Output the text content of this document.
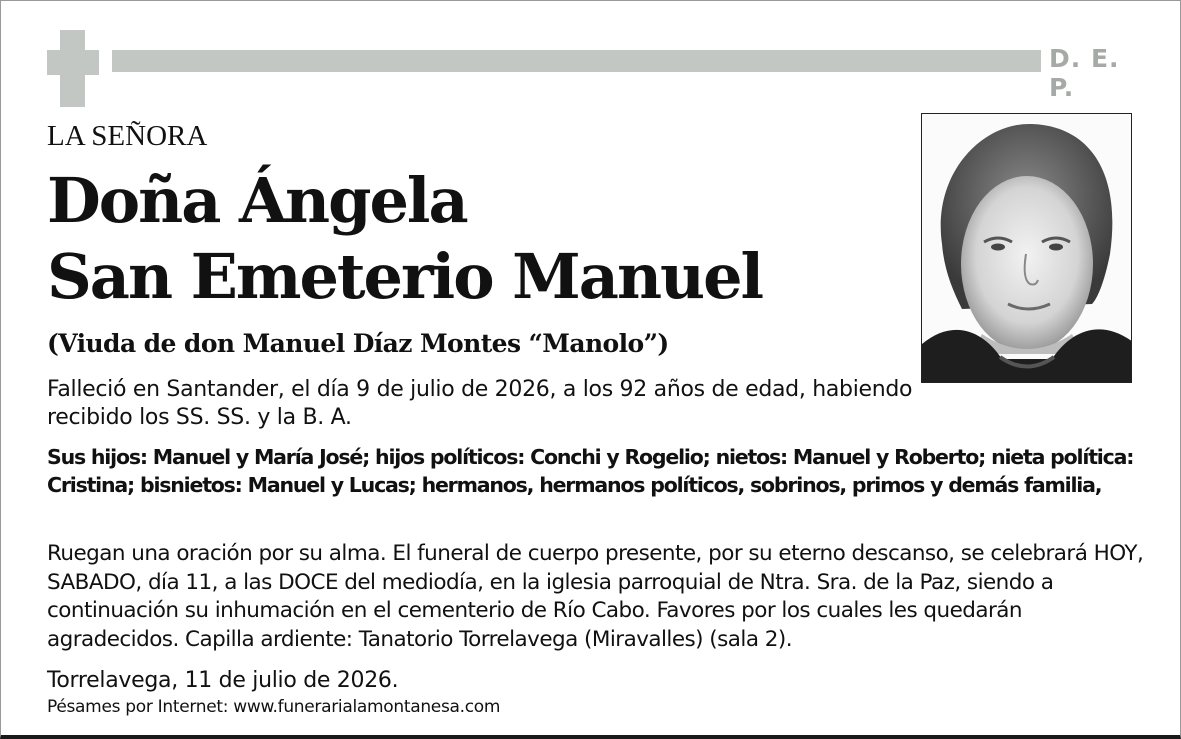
D. E. P.
LA SEÑORA
Doña Ángela
San Emeterio Manuel
(Viuda de don Manuel Díaz Montes “Manolo”)
Falleció en Santander, el día 9 de julio de 2026, a los 92 años de edad, habiendo recibido los SS. SS. y la B. A.
Sus hijos: Manuel y María José; hijos políticos: Conchi y Rogelio; nietos: Manuel y Roberto; nieta política: Cristina; bisnietos: Manuel y Lucas; hermanos, hermanos políticos, sobrinos, primos y demás familia,
Ruegan una oración por su alma. El funeral de cuerpo presente, por su eterno descanso, se celebrará HOY, SABADO, día 11, a las DOCE del mediodía, en la iglesia parroquial de Ntra. Sra. de la Paz, siendo a continuación su inhumación en el cementerio de Río Cabo. Favores por los cuales les quedarán agradecidos. Capilla ardiente: Tanatorio Torrelavega (Miravalles) (sala 2).
Torrelavega, 11 de julio de 2026.
Pésames por Internet: www.funerarialamontanesa.com
